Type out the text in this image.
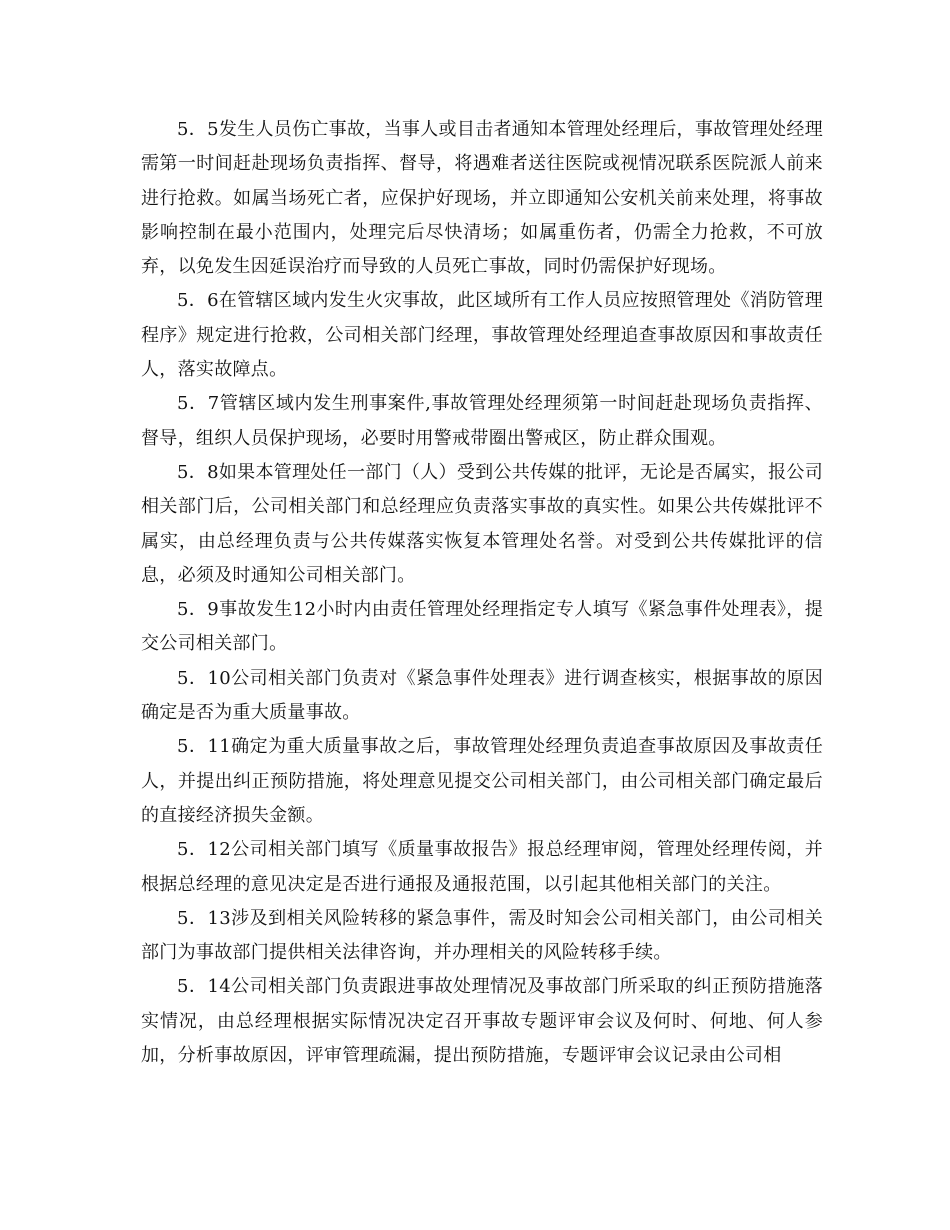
5．5发生人员伤亡事故，当事人或目击者通知本管理处经理后，事故管理处经理需第一时间赶赴现场负责指挥、督导，将遇难者送往医院或视情况联系医院派人前来进行抢救。如属当场死亡者，应保护好现场，并立即通知公安机关前来处理，将事故影响控制在最小范围内，处理完后尽快清场；如属重伤者，仍需全力抢救，不可放弃，以免发生因延误治疗而导致的人员死亡事故，同时仍需保护好现场。

5．6在管辖区域内发生火灾事故，此区域所有工作人员应按照管理处《消防管理程序》规定进行抢救，公司相关部门经理，事故管理处经理追查事故原因和事故责任人，落实故障点。

5．7管辖区域内发生刑事案件,事故管理处经理须第一时间赶赴现场负责指挥、督导，组织人员保护现场，必要时用警戒带圈出警戒区，防止群众围观。

5．8如果本管理处任一部门（人）受到公共传媒的批评，无论是否属实，报公司相关部门后，公司相关部门和总经理应负责落实事故的真实性。如果公共传媒批评不属实，由总经理负责与公共传媒落实恢复本管理处名誉。对受到公共传媒批评的信息，必须及时通知公司相关部门。

5．9事故发生12小时内由责任管理处经理指定专人填写《紧急事件处理表》，提交公司相关部门。

5．10公司相关部门负责对《紧急事件处理表》进行调查核实，根据事故的原因确定是否为重大质量事故。

5．11确定为重大质量事故之后，事故管理处经理负责追查事故原因及事故责任人，并提出纠正预防措施，将处理意见提交公司相关部门，由公司相关部门确定最后的直接经济损失金额。

5．12公司相关部门填写《质量事故报告》报总经理审阅，管理处经理传阅，并根据总经理的意见决定是否进行通报及通报范围，以引起其他相关部门的关注。

5．13涉及到相关风险转移的紧急事件，需及时知会公司相关部门，由公司相关部门为事故部门提供相关法律咨询，并办理相关的风险转移手续。

5．14公司相关部门负责跟进事故处理情况及事故部门所采取的纠正预防措施落实情况，由总经理根据实际情况决定召开事故专题评审会议及何时、何地、何人参加，分析事故原因，评审管理疏漏，提出预防措施，专题评审会议记录由公司相
